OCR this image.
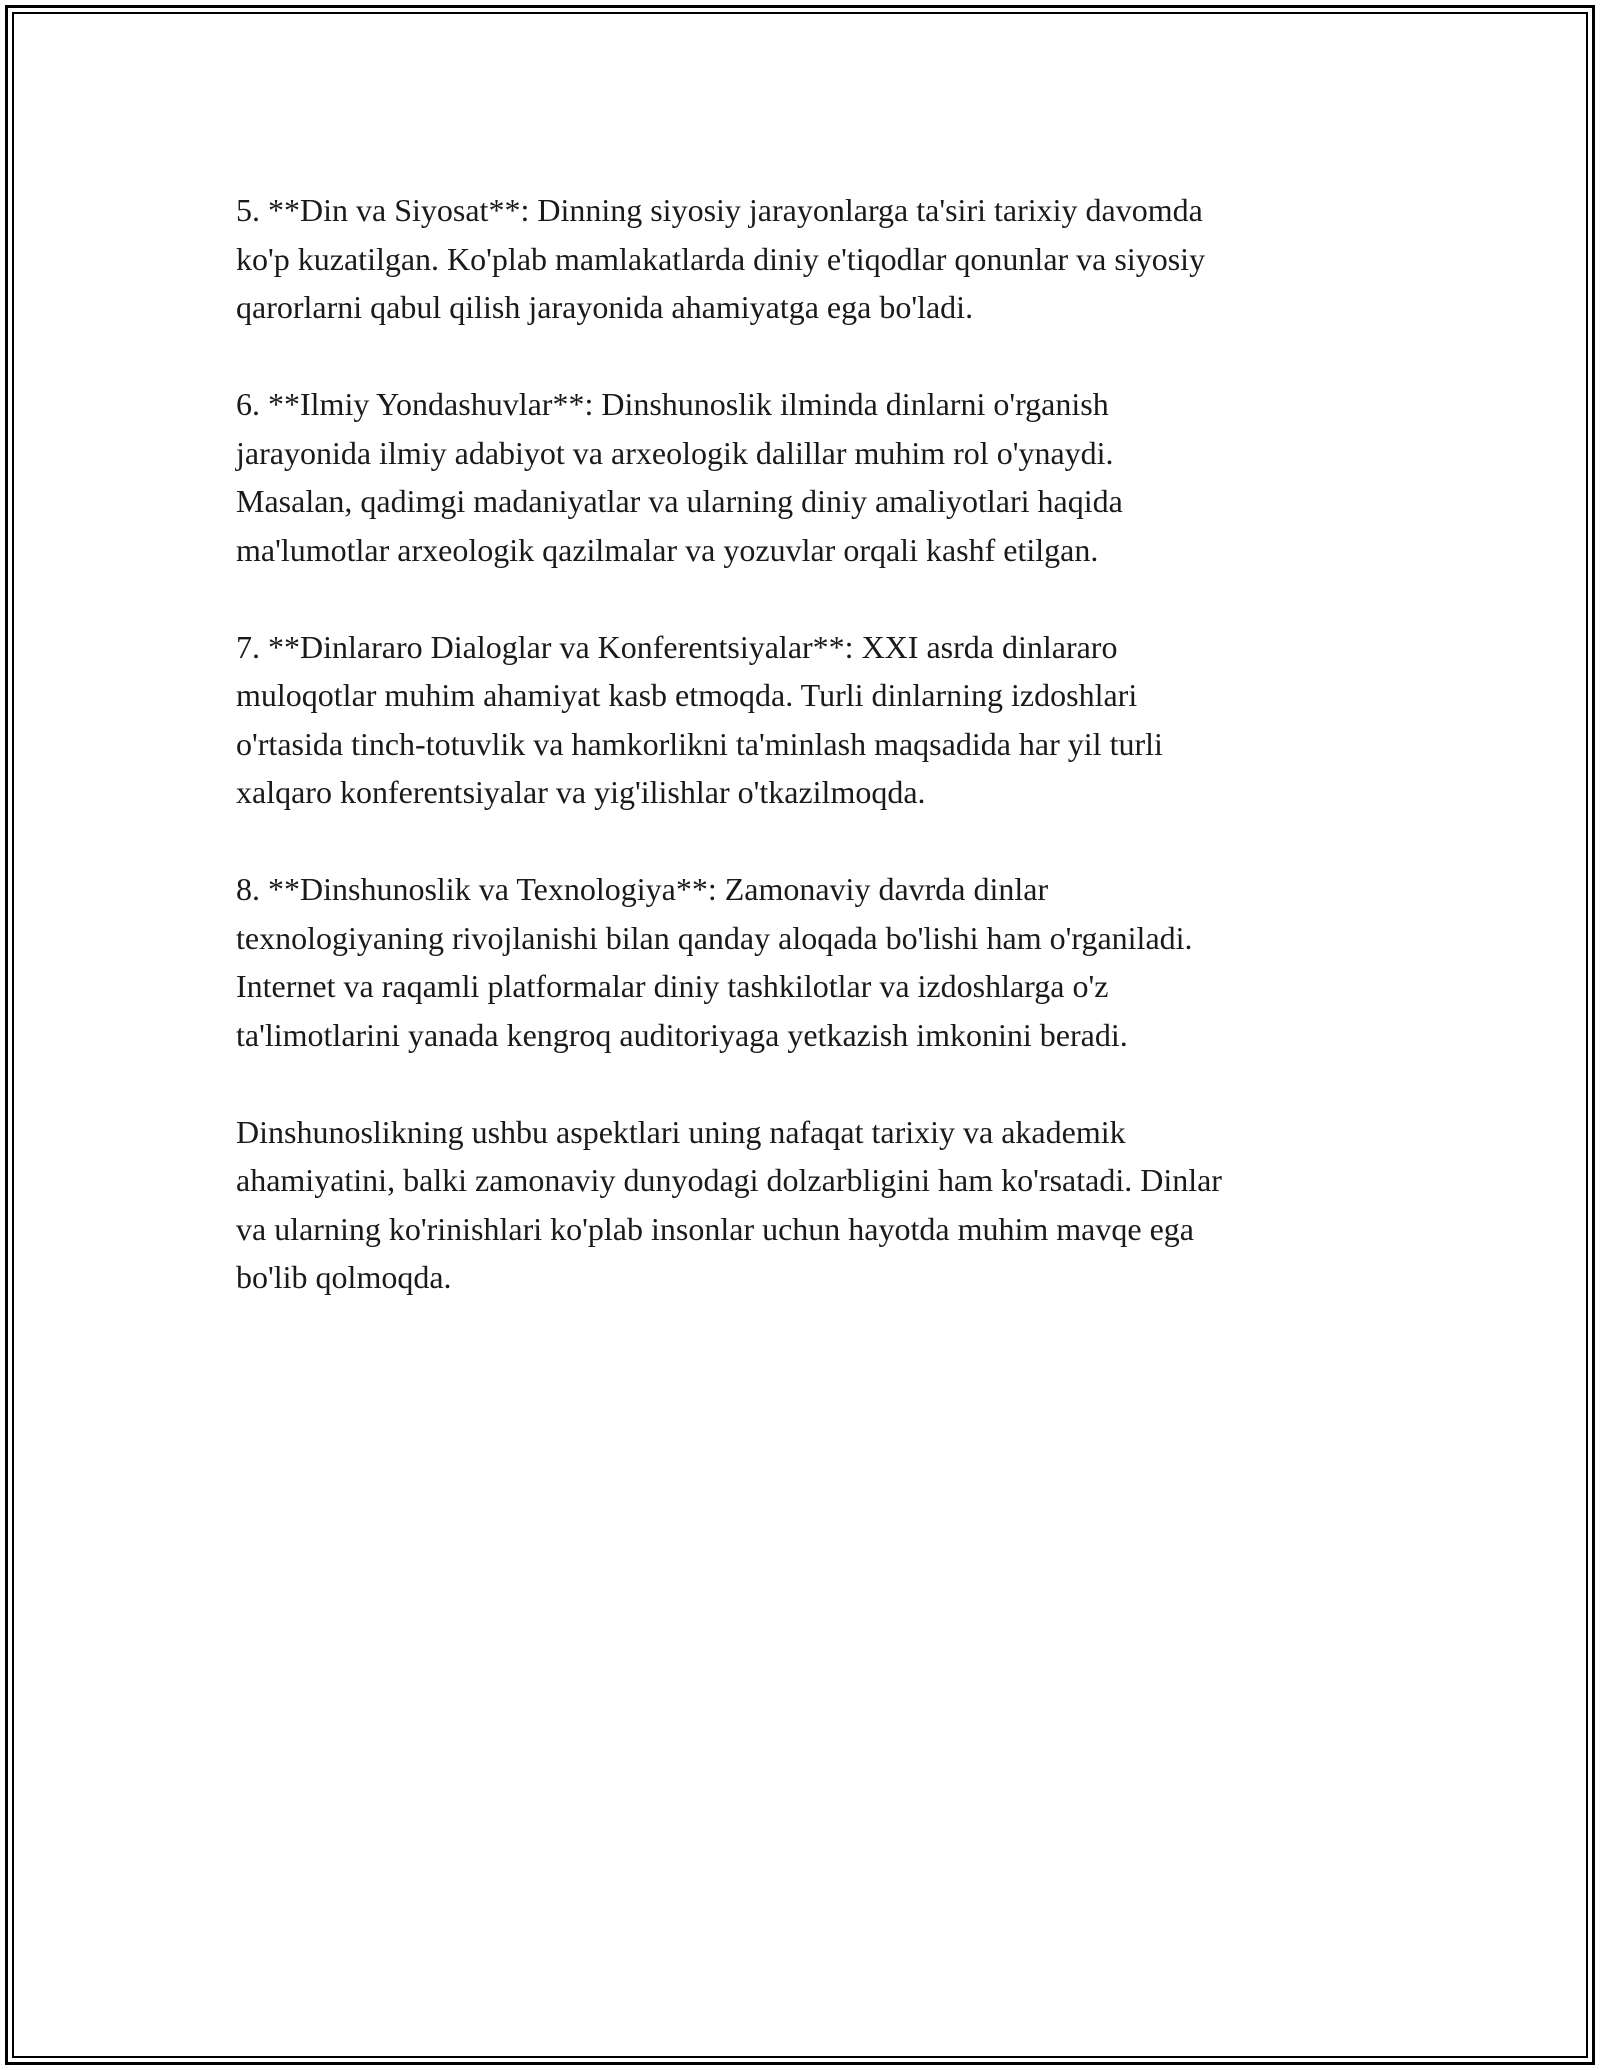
5. **Din va Siyosat**: Dinning siyosiy jarayonlarga ta'siri tarixiy davomda
ko'p kuzatilgan. Ko'plab mamlakatlarda diniy e'tiqodlar qonunlar va siyosiy
qarorlarni qabul qilish jarayonida ahamiyatga ega bo'ladi.

6. **Ilmiy Yondashuvlar**: Dinshunoslik ilminda dinlarni o'rganish
jarayonida ilmiy adabiyot va arxeologik dalillar muhim rol o'ynaydi.
Masalan, qadimgi madaniyatlar va ularning diniy amaliyotlari haqida
ma'lumotlar arxeologik qazilmalar va yozuvlar orqali kashf etilgan.

7. **Dinlararo Dialoglar va Konferentsiyalar**: XXI asrda dinlararo
muloqotlar muhim ahamiyat kasb etmoqda. Turli dinlarning izdoshlari
o'rtasida tinch-totuvlik va hamkorlikni ta'minlash maqsadida har yil turli
xalqaro konferentsiyalar va yig'ilishlar o'tkazilmoqda.

8. **Dinshunoslik va Texnologiya**: Zamonaviy davrda dinlar
texnologiyaning rivojlanishi bilan qanday aloqada bo'lishi ham o'rganiladi.
Internet va raqamli platformalar diniy tashkilotlar va izdoshlarga o'z
ta'limotlarini yanada kengroq auditoriyaga yetkazish imkonini beradi.

Dinshunoslikning ushbu aspektlari uning nafaqat tarixiy va akademik
ahamiyatini, balki zamonaviy dunyodagi dolzarbligini ham ko'rsatadi. Dinlar
va ularning ko'rinishlari ko'plab insonlar uchun hayotda muhim mavqe ega
bo'lib qolmoqda.
